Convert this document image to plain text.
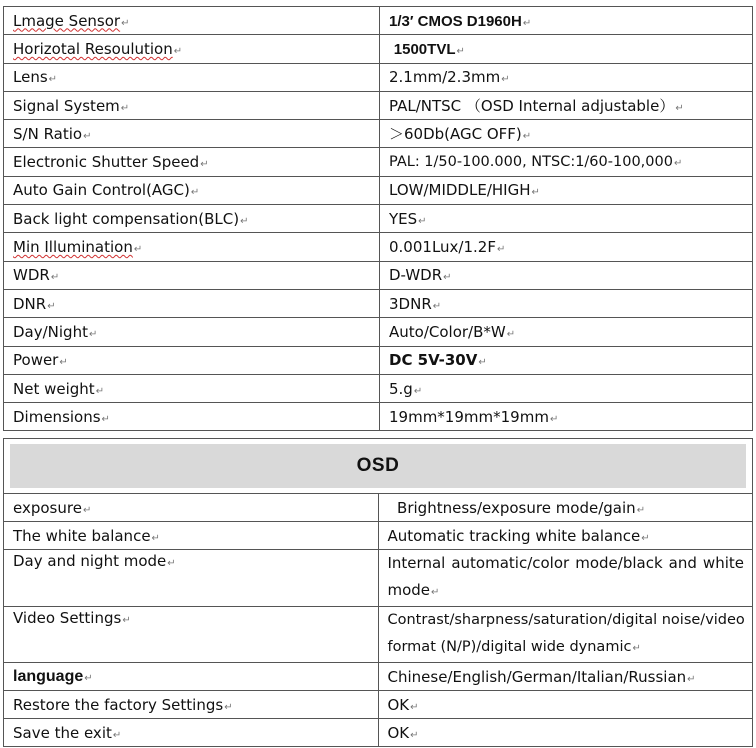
Lmage Sensor↵	1/3′ CMOS D1960H↵
Horizotal Resoulution↵	1500TVL↵
Lens↵	2.1mm/2.3mm↵
Signal System↵	PAL/NTSC （OSD Internal adjustable）↵
S/N Ratio↵	＞60Db(AGC OFF)↵
Electronic Shutter Speed↵	PAL: 1/50-100.000, NTSC:1/60-100,000↵
Auto Gain Control(AGC)↵	LOW/MIDDLE/HIGH↵
Back light compensation(BLC)↵	YES↵
Min Illumination↵	0.001Lux/1.2F↵
WDR↵	D-WDR↵
DNR↵	3DNR↵
Day/Night↵	Auto/Color/B*W↵
Power↵	DC 5V-30V↵
Net weight↵	5.g↵
Dimensions↵	19mm*19mm*19mm↵
OSD	

exposure↵	Brightness/exposure mode/gain↵
The white balance↵	Automatic tracking white balance↵
Day and night mode↵	Internal automatic/color mode/black and white mode↵
Video Settings↵	Contrast/sharpness/saturation/digital noise/video format (N/P)/digital wide dynamic↵
language↵	Chinese/English/German/Italian/Russian↵
Restore the factory Settings↵	OK↵
Save the exit↵	OK↵
